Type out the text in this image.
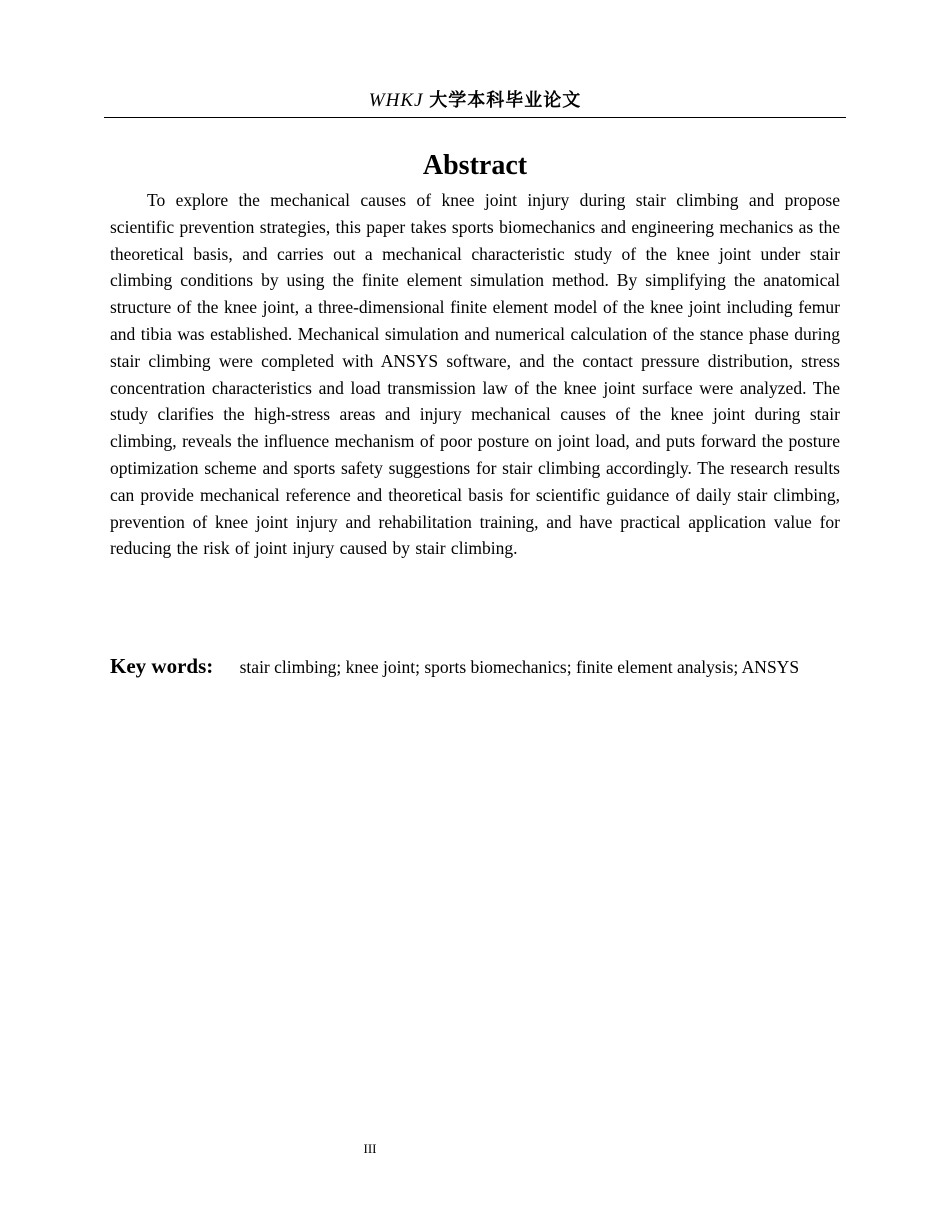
WHKJ 大学本科毕业论文
Abstract

To explore the mechanical causes of knee joint injury during stair climbing and propose scientific prevention strategies, this paper takes sports biomechanics and engineering mechanics as the theoretical basis, and carries out a mechanical characteristic study of the knee joint under stair climbing conditions by using the finite element simulation method. By simplifying the anatomical structure of the knee joint, a three-dimensional finite element model of the knee joint including femur and tibia was established. Mechanical simulation and numerical calculation of the stance phase during stair climbing were completed with ANSYS software, and the contact pressure distribution, stress concentration characteristics and load transmission law of the knee joint surface were analyzed. The study clarifies the high-stress areas and injury mechanical causes of the knee joint during stair climbing, reveals the influence mechanism of poor posture on joint load, and puts forward the posture optimization scheme and sports safety suggestions for stair climbing accordingly. The research results can provide mechanical reference and theoretical basis for scientific guidance of daily stair climbing, prevention of knee joint injury and rehabilitation training, and have practical application value for reducing the risk of joint injury caused by stair climbing.

Key words: stair climbing; knee joint; sports biomechanics; finite element analysis; ANSYS

III
